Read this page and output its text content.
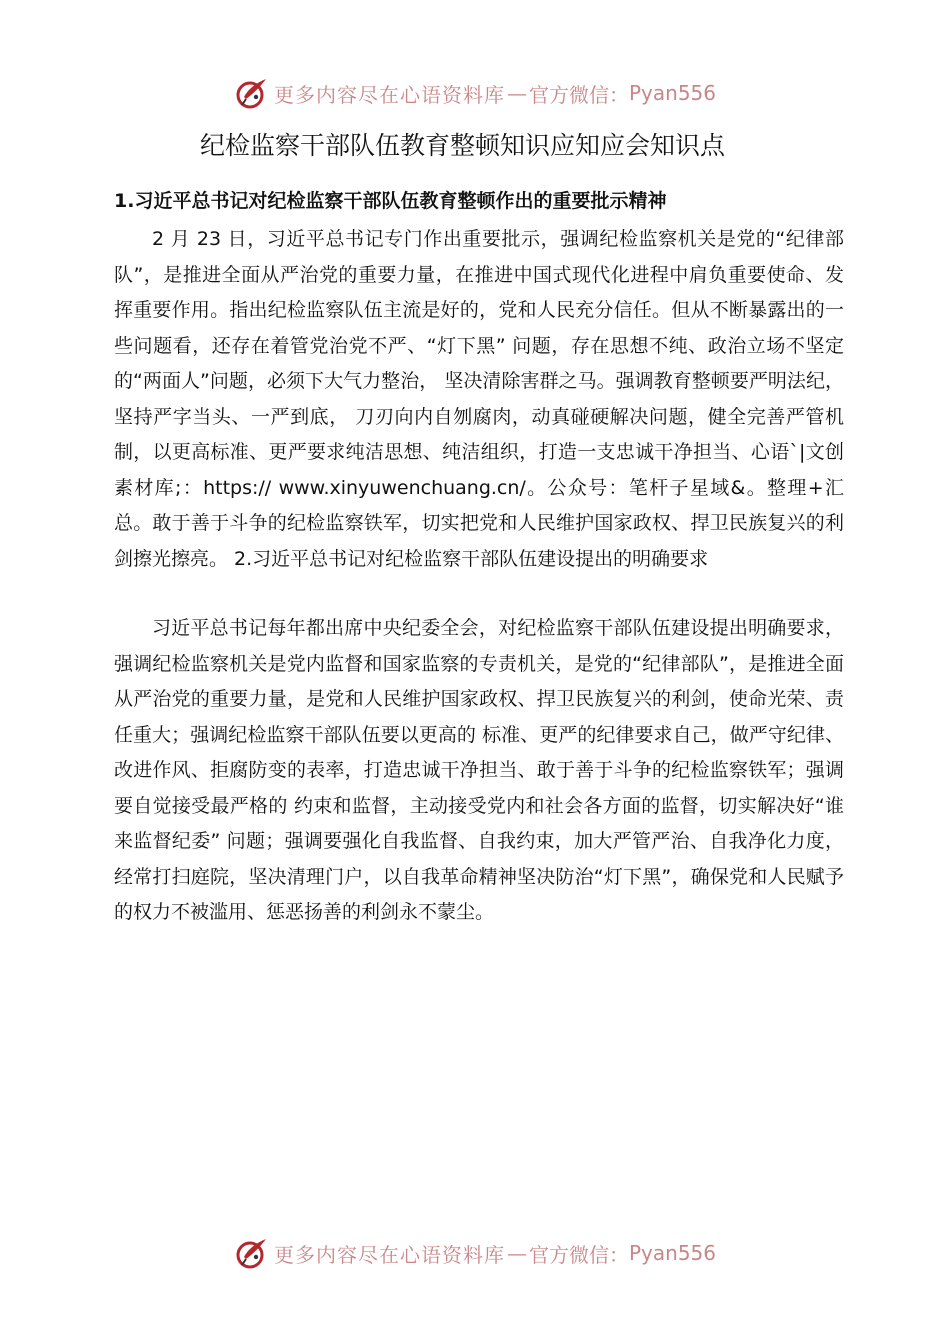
更多内容尽在心语资料库 — 官方微信： Pyan556
纪检监察干部队伍教育整顿知识应知应会知识点
1.习近平总书记对纪检监察干部队伍教育整顿作出的重要批示精神

2 月 23 日，习近平总书记专门作出重要批示，强调纪检监察机关是党的“纪律部队”，是推进全面从严治党的重要力量，在推进中国式现代化进程中肩负重要使命、发挥重要作用。指出纪检监察队伍主流是好的，党和人民充分信任。但从不断暴露出的一些问题看，还存在着管党治党不严、“灯下黑” 问题，存在思想不纯、政治立场不坚定的“两面人”问题，必须下大气力整治， 坚决清除害群之马。强调教育整顿要严明法纪，坚持严字当头、一严到底， 刀刃向内自刎腐肉，动真碰硬解决问题，健全完善严管机制，以更高标准、更严要求纯洁思想、纯洁组织，打造一支忠诚干净担当、心语`|文创素材库;：https:// www.xinyuwenchuang.cn/。公众号：笔杆子星域&。整理+汇总。敢于善于斗争的纪检监察铁军，切实把党和人民维护国家政权、捍卫民族复兴的利剑擦光擦亮。 2.习近平总书记对纪检监察干部队伍建设提出的明确要求

习近平总书记每年都出席中央纪委全会，对纪检监察干部队伍建设提出明确要求，强调纪检监察机关是党内监督和国家监察的专责机关，是党的“纪律部队”，是推进全面从严治党的重要力量，是党和人民维护国家政权、捍卫民族复兴的利剑，使命光荣、责任重大；强调纪检监察干部队伍要以更高的 标准、更严的纪律要求自己，做严守纪律、改进作风、拒腐防变的表率，打造忠诚干净担当、敢于善于斗争的纪检监察铁军；强调要自觉接受最严格的 约束和监督，主动接受党内和社会各方面的监督，切实解决好“谁来监督纪委” 问题；强调要强化自我监督、自我约束，加大严管严治、自我净化力度，经常打扫庭院，坚决清理门户，以自我革命精神坚决防治“灯下黑”，确保党和人民赋予的权力不被滥用、惩恶扬善的利剑永不蒙尘。

更多内容尽在心语资料库 — 官方微信： Pyan556
